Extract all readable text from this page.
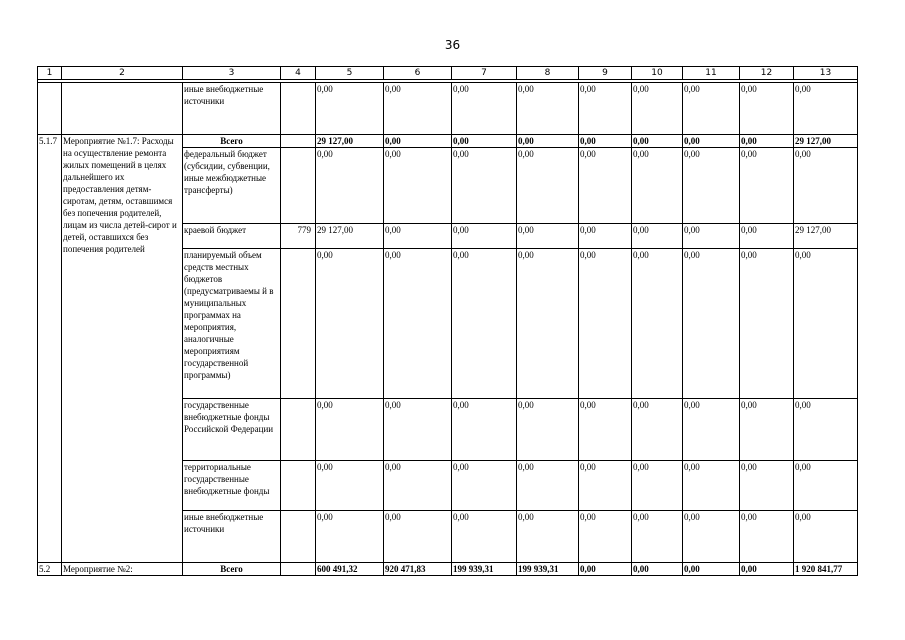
36
1	2	3	4	5	6	7	8	9	10	11	12	13

		иные внебюджетные источники		0,00	0,00	0,00	0,00	0,00	0,00	0,00	0,00	0,00
5.1.7	Мероприятие №1.7: Расходы на осуществление ремонта жилых помещений в целях дальнейшего их предоставления детям-сиротам, детям, оставшимся без попечения родителей, лицам из числа детей-сирот и детей, оставшихся без попечения родителей	Всего		29 127,00	0,00	0,00	0,00	0,00	0,00	0,00	0,00	29 127,00
		федеральный бюджет (субсидии, субвенции, иные межбюджетные трансферты)		0,00	0,00	0,00	0,00	0,00	0,00	0,00	0,00	0,00
		краевой бюджет	779	29 127,00	0,00	0,00	0,00	0,00	0,00	0,00	0,00	29 127,00
		планируемый объем средств местных бюджетов (предусматриваемы й в муниципальных программах на мероприятия, аналогичные мероприятиям государственной программы)		0,00	0,00	0,00	0,00	0,00	0,00	0,00	0,00	0,00
		государственные внебюджетные фонды Российской Федерации		0,00	0,00	0,00	0,00	0,00	0,00	0,00	0,00	0,00
		территориальные государственные внебюджетные фонды		0,00	0,00	0,00	0,00	0,00	0,00	0,00	0,00	0,00
		иные внебюджетные источники		0,00	0,00	0,00	0,00	0,00	0,00	0,00	0,00	0,00
5.2	Мероприятие №2:	Всего		600 491,32	920 471,83	199 939,31	199 939,31	0,00	0,00	0,00	0,00	1 920 841,77
